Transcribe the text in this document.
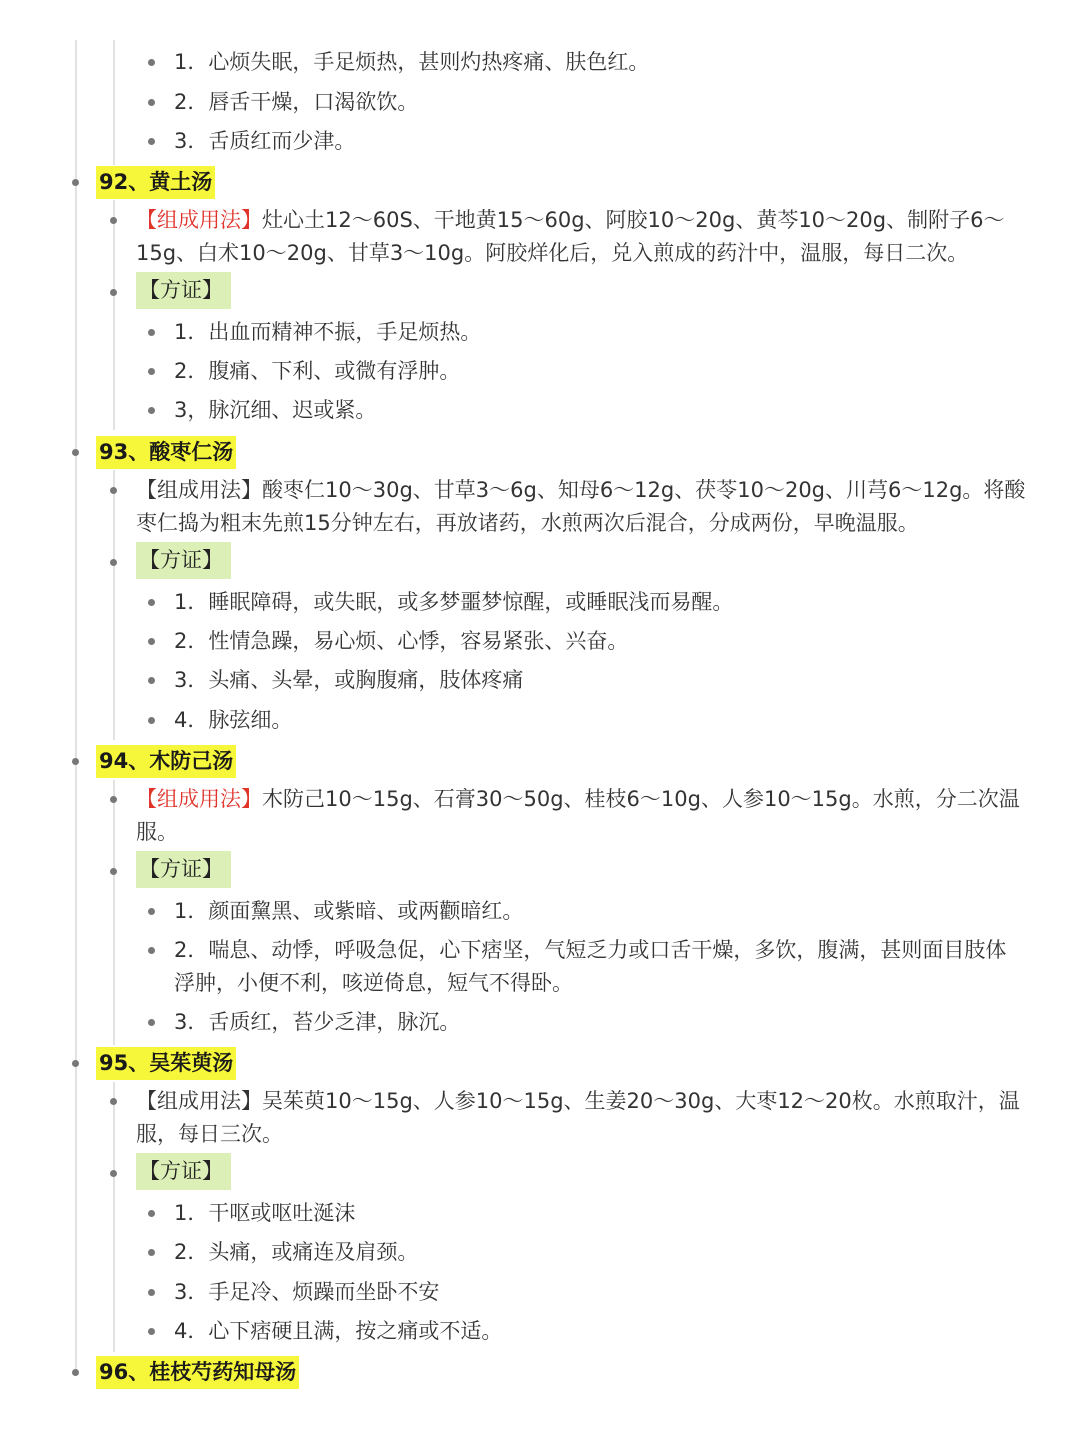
1．心烦失眠，手足烦热，甚则灼热疼痛、肤色红。
2．唇舌干燥，口渴欲饮。
3．舌质红而少津。
92、黄土汤
【组成用法】灶心土12～60S、干地黄15～60g、阿胶10～20g、黄芩10～20g、制附子6～15g、白术10～20g、甘草3～10g。阿胶烊化后，兑入煎成的药汁中，温服，每日二次。
【方证】
1．出血而精神不振，手足烦热。
2．腹痛、下利、或微有浮肿。
3，脉沉细、迟或紧。
93、酸枣仁汤
【组成用法】酸枣仁10～30g、甘草3～6g、知母6～12g、茯苓10～20g、川芎6～12g。将酸枣仁捣为粗末先煎15分钟左右，再放诸药，水煎两次后混合，分成两份，早晚温服。
【方证】
1．睡眠障碍，或失眠，或多梦噩梦惊醒，或睡眠浅而易醒。
2．性情急躁，易心烦、心悸，容易紧张、兴奋。
3．头痛、头晕，或胸腹痛，肢体疼痛
4．脉弦细。
94、木防己汤
【组成用法】木防己10～15g、石膏30～50g、桂枝6～10g、人参10～15g。水煎，分二次温服。
【方证】
1．颜面黧黑、或紫暗、或两颧暗红。
2．喘息、动悸，呼吸急促，心下痞坚，气短乏力或口舌干燥，多饮，腹满，甚则面目肢体浮肿，小便不利，咳逆倚息，短气不得卧。
3．舌质红，苔少乏津，脉沉。
95、吴茱萸汤
【组成用法】吴茱萸10～15g、人参10～15g、生姜20～30g、大枣12～20枚。水煎取汁，温服，每日三次。
【方证】
1．干呕或呕吐涎沫
2．头痛，或痛连及肩颈。
3．手足冷、烦躁而坐卧不安
4．心下痞硬且满，按之痛或不适。
96、桂枝芍药知母汤
